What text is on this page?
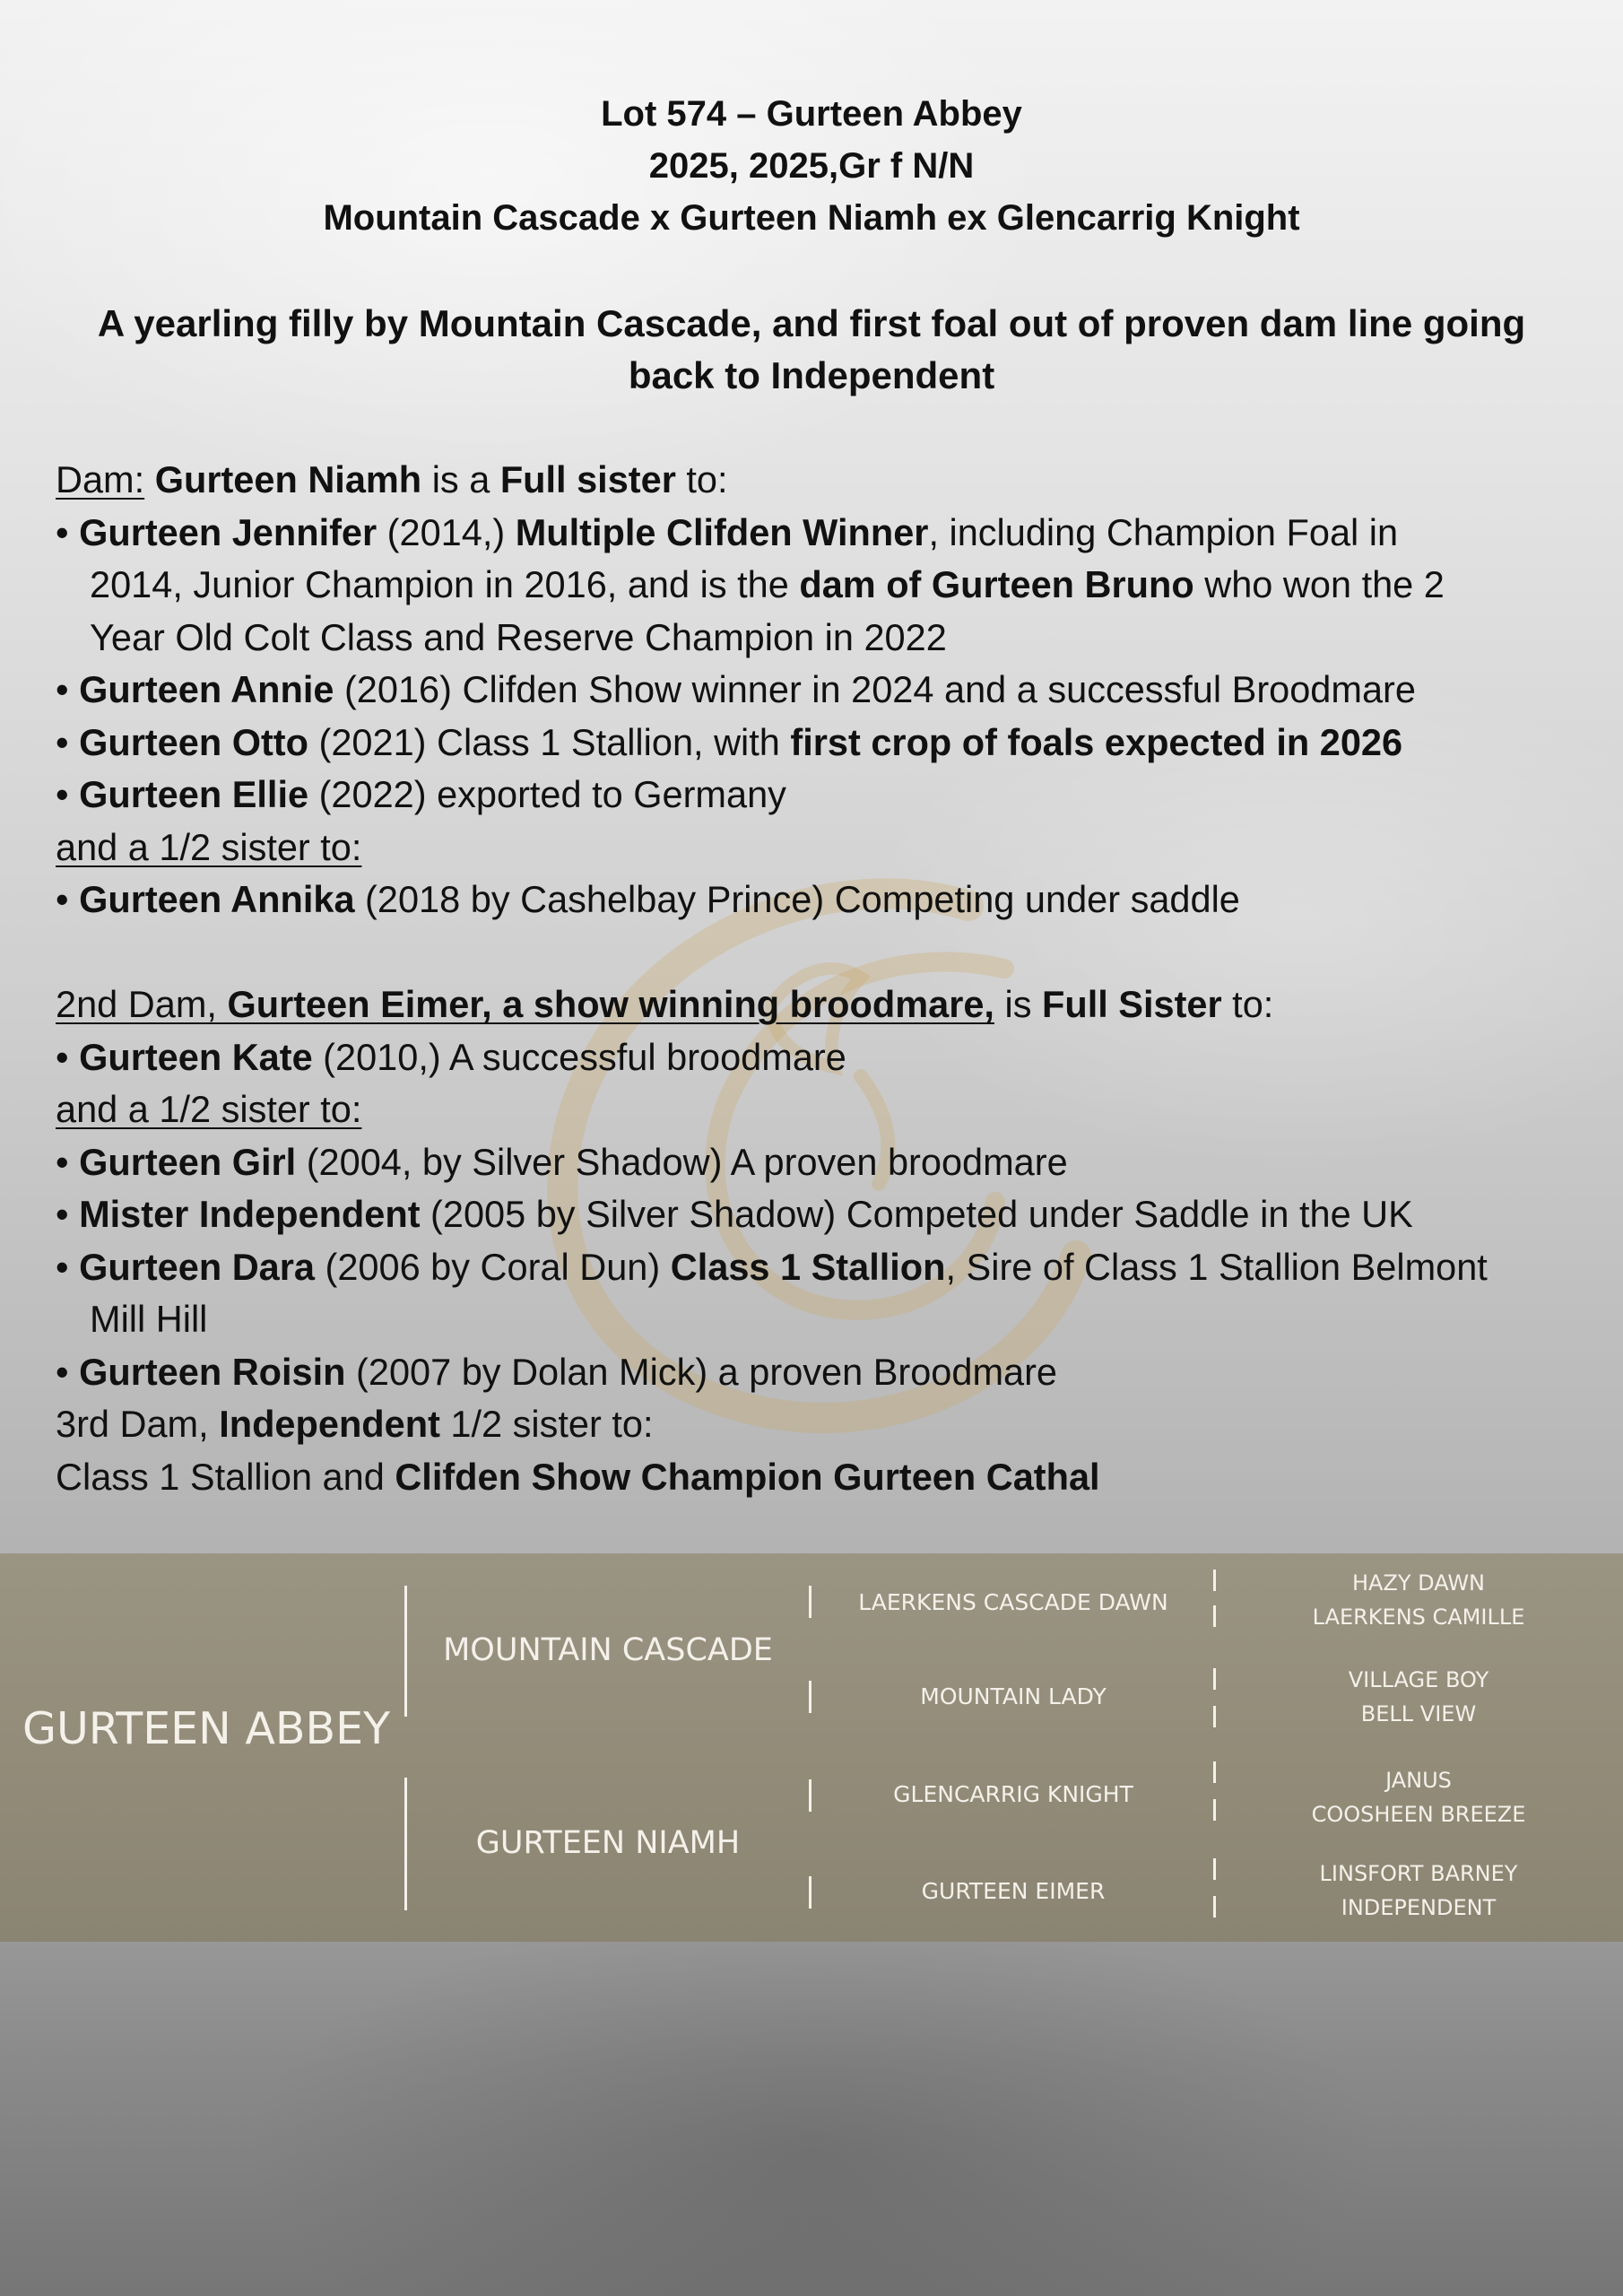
Lot 574 – Gurteen Abbey
2025, 2025,Gr f N/N
Mountain Cascade x Gurteen Niamh ex Glencarrig Knight
A yearling filly by Mountain Cascade, and first foal out of proven dam line going
back to Independent
Dam: Gurteen Niamh is a Full sister to:
• Gurteen Jennifer (2014,) Multiple Clifden Winner, including Champion Foal in
2014, Junior Champion in 2016, and is the dam of Gurteen Bruno who won the 2
Year Old Colt Class and Reserve Champion in 2022
• Gurteen Annie (2016) Clifden Show winner in 2024 and a successful Broodmare
• Gurteen Otto (2021) Class 1 Stallion, with first crop of foals expected in 2026
• Gurteen Ellie (2022) exported to Germany
and a 1/2 sister to:
• Gurteen Annika (2018 by Cashelbay Prince) Competing under saddle
2nd Dam, Gurteen Eimer, a show winning broodmare, is Full Sister to:
• Gurteen Kate (2010,) A successful broodmare
and a 1/2 sister to:
• Gurteen Girl (2004, by Silver Shadow) A proven broodmare
• Mister Independent (2005 by Silver Shadow) Competed under Saddle in the UK
• Gurteen Dara (2006 by Coral Dun) Class 1 Stallion, Sire of Class 1 Stallion Belmont
Mill Hill
• Gurteen Roisin (2007 by Dolan Mick) a proven Broodmare
3rd Dam, Independent 1/2 sister to:
Class 1 Stallion and Clifden Show Champion Gurteen Cathal
GURTEEN ABBEY
MOUNTAIN CASCADE
GURTEEN NIAMH
LAERKENS CASCADE DAWN
MOUNTAIN LADY
GLENCARRIG KNIGHT
GURTEEN EIMER
HAZY DAWN
LAERKENS CAMILLE
VILLAGE BOY
BELL VIEW
JANUS
COOSHEEN BREEZE
LINSFORT BARNEY
INDEPENDENT
